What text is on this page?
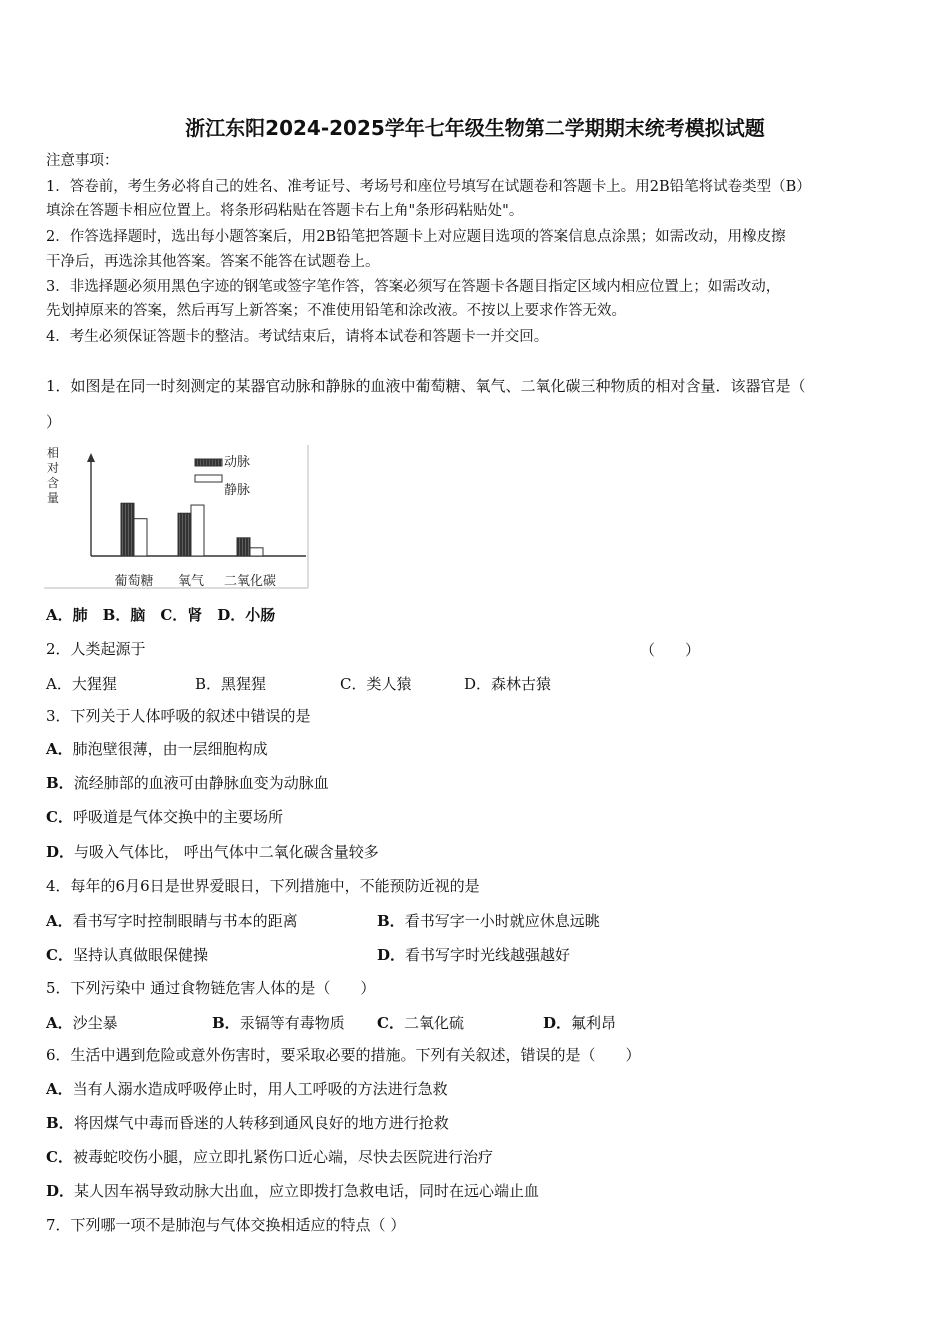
浙江东阳2024-2025学年七年级生物第二学期期末统考模拟试题
注意事项：
1．答卷前，考生务必将自己的姓名、准考证号、考场号和座位号填写在试题卷和答题卡上。用2B铅笔将试卷类型（B）
填涂在答题卡相应位置上。将条形码粘贴在答题卡右上角"条形码粘贴处"。
2．作答选择题时，选出每小题答案后，用2B铅笔把答题卡上对应题目选项的答案信息点涂黑；如需改动，用橡皮擦
干净后，再选涂其他答案。答案不能答在试题卷上。
3．非选择题必须用黑色字迹的钢笔或签字笔作答，答案必须写在答题卡各题目指定区域内相应位置上；如需改动，
先划掉原来的答案，然后再写上新答案；不准使用铅笔和涂改液。不按以上要求作答无效。
4．考生必须保证答题卡的整洁。考试结束后，请将本试卷和答题卡一并交回。
1．如图是在同一时刻测定的某器官动脉和静脉的血液中葡萄糖、氧气、二氧化碳三种物质的相对含量．该器官是（
）
相
对
含
量
葡萄糖 氧气 二氧化碳
动脉
静脉
A．肺　B．脑　C．肾　D．小肠
2．人类起源于	（　　）
A．大猩猩	B．黑猩猩	C．类人猿	D．森林古猿
3．下列关于人体呼吸的叙述中错误的是
A．肺泡壁很薄，由一层细胞构成
B．流经肺部的血液可由静脉血变为动脉血
C．呼吸道是气体交换中的主要场所
D．与吸入气体比， 呼出气体中二氧化碳含量较多
4．每年的6月6日是世界爱眼日，下列措施中，不能预防近视的是
A．看书写字时控制眼睛与书本的距离	B．看书写字一小时就应休息远眺
C．坚持认真做眼保健操	D．看书写字时光线越强越好
5．下列污染中 通过食物链危害人体的是（　　）
A．沙尘暴	B．汞镉等有毒物质 C．二氧化硫	D．氟利昂
6．生活中遇到危险或意外伤害时，要采取必要的措施。下列有关叙述，错误的是（　　）
A．当有人溺水造成呼吸停止时，用人工呼吸的方法进行急救
B．将因煤气中毒而昏迷的人转移到通风良好的地方进行抢救
C．被毒蛇咬伤小腿，应立即扎紧伤口近心端，尽快去医院进行治疗
D．某人因车祸导致动脉大出血，应立即拨打急救电话，同时在远心端止血
7．下列哪一项不是肺泡与气体交换相适应的特点（ ）
